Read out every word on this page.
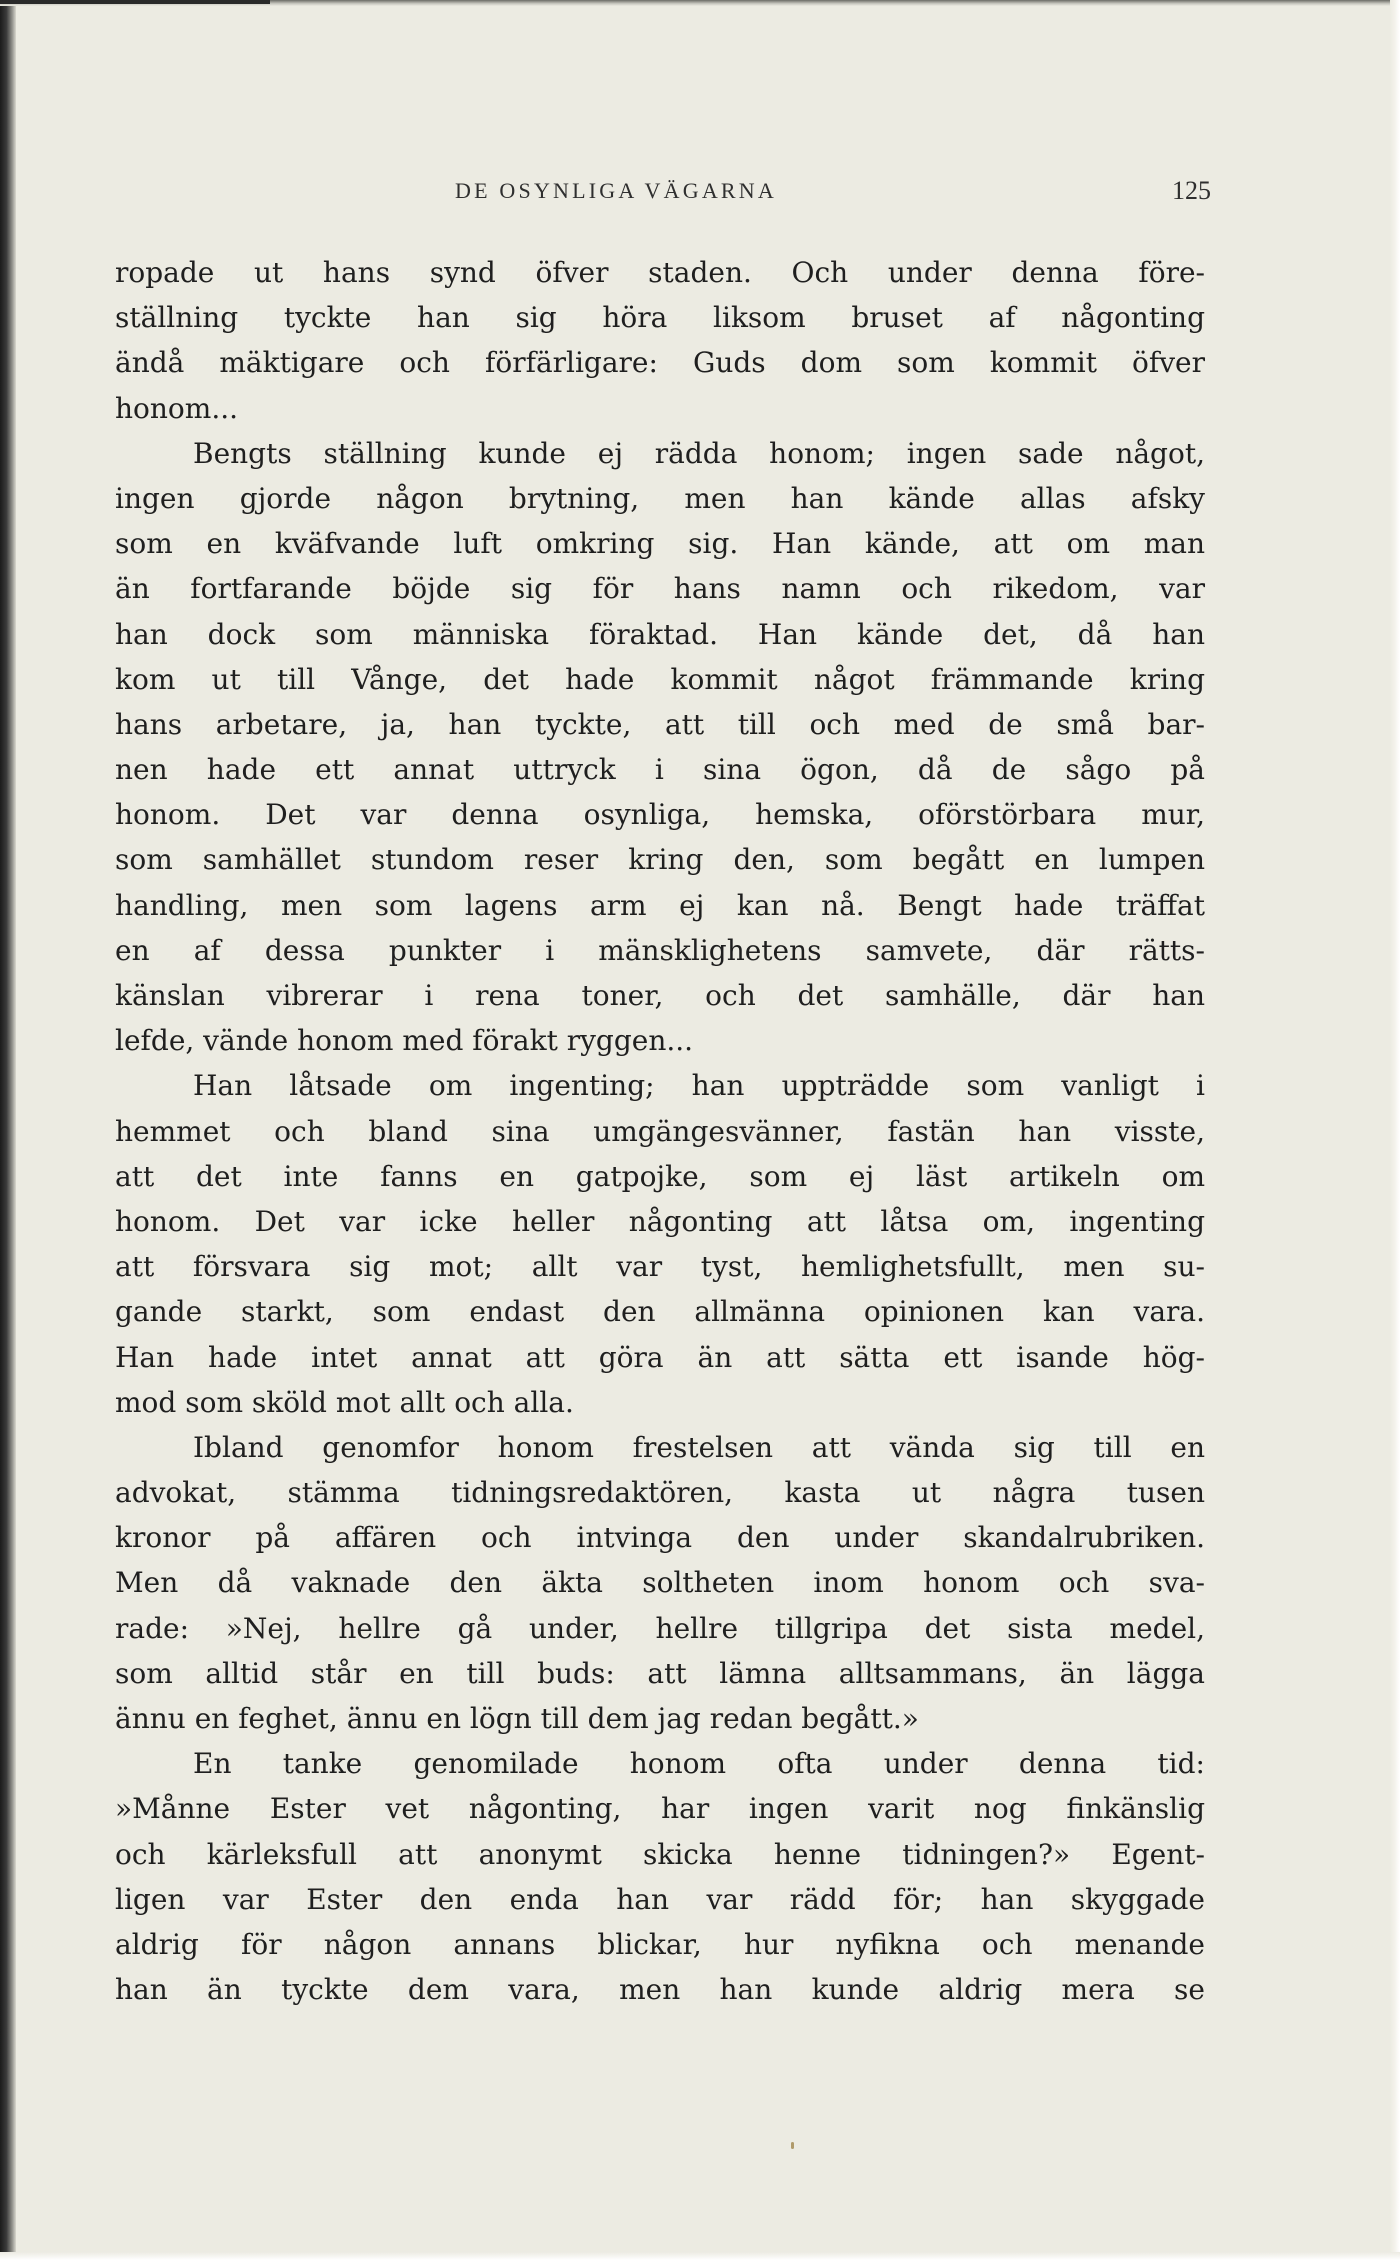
DE OSYNLIGA VÄGARNA	125
ropade ut hans synd öfver staden. Och under denna före-
ställning tyckte han sig höra liksom bruset af någonting
ändå mäktigare och förfärligare: Guds dom som kommit öfver
honom...
Bengts ställning kunde ej rädda honom; ingen sade något,
ingen gjorde någon brytning, men han kände allas afsky
som en kväfvande luft omkring sig. Han kände, att om man
än fortfarande böjde sig för hans namn och rikedom, var
han dock som människa föraktad. Han kände det, då han
kom ut till Vånge, det hade kommit något främmande kring
hans arbetare, ja, han tyckte, att till och med de små bar-
nen hade ett annat uttryck i sina ögon, då de sågo på
honom. Det var denna osynliga, hemska, oförstörbara mur,
som samhället stundom reser kring den, som begått en lumpen
handling, men som lagens arm ej kan nå. Bengt hade träffat
en af dessa punkter i mänsklighetens samvete, där rätts-
känslan vibrerar i rena toner, och det samhälle, där han
lefde, vände honom med förakt ryggen...
Han låtsade om ingenting; han uppträdde som vanligt i
hemmet och bland sina umgängesvänner, fastän han visste,
att det inte fanns en gatpojke, som ej läst artikeln om
honom. Det var icke heller någonting att låtsa om, ingenting
att försvara sig mot; allt var tyst, hemlighetsfullt, men su-
gande starkt, som endast den allmänna opinionen kan vara.
Han hade intet annat att göra än att sätta ett isande hög-
mod som sköld mot allt och alla.
Ibland genomfor honom frestelsen att vända sig till en
advokat, stämma tidningsredaktören, kasta ut några tusen
kronor på affären och intvinga den under skandalrubriken.
Men då vaknade den äkta soltheten inom honom och sva-
rade: »Nej, hellre gå under, hellre tillgripa det sista medel,
som alltid står en till buds: att lämna alltsammans, än lägga
ännu en feghet, ännu en lögn till dem jag redan begått.»
En tanke genomilade honom ofta under denna tid:
»Månne Ester vet någonting, har ingen varit nog finkänslig
och kärleksfull att anonymt skicka henne tidningen?» Egent-
ligen var Ester den enda han var rädd för; han skyggade
aldrig för någon annans blickar, hur nyfikna och menande
han än tyckte dem vara, men han kunde aldrig mera se
